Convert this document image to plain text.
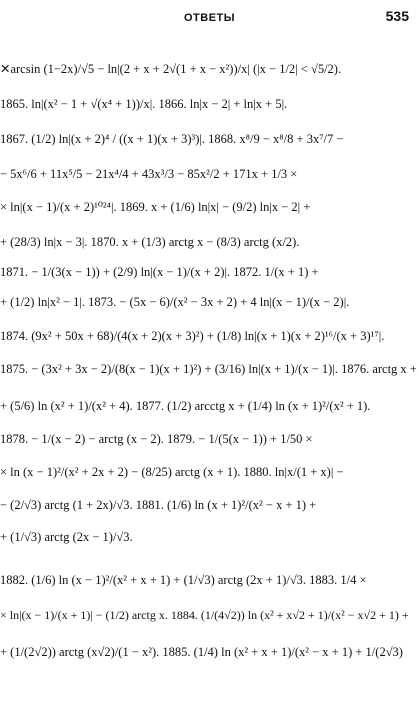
ОТВЕТЫ	535

✕arcsin (1−2x)/√5 − ln|(2 + x + 2√(1 + x − x²))/x| (|x − 1/2| < √5/2).

1865. ln|(x² − 1 + √(x⁴ + 1))/x|. 1866. ln|x − 2| + ln|x + 5|.

1867. (1/2) ln|(x + 2)⁴ / ((x + 1)(x + 3)³)|. 1868. x⁸/9 − x⁸/8 + 3x⁷/7 −

− 5x⁶/6 + 11x⁵/5 − 21x⁴/4 + 43x³/3 − 85x²/2 + 171x + 1/3 ×

× ln|(x − 1)/(x + 2)¹⁰²⁴|. 1869. x + (1/6) ln|x| − (9/2) ln|x − 2| +

+ (28/3) ln|x − 3|. 1870. x + (1/3) arctg x − (8/3) arctg (x/2).

1871. − 1/(3(x − 1)) + (2/9) ln|(x − 1)/(x + 2)|. 1872. 1/(x + 1) +

+ (1/2) ln|x² − 1|. 1873. − (5x − 6)/(x² − 3x + 2) + 4 ln|(x − 1)/(x − 2)|.

1874. (9x² + 50x + 68)/(4(x + 2)(x + 3)²) + (1/8) ln|(x + 1)(x + 2)¹⁶/(x + 3)¹⁷|.

1875. − (3x² + 3x − 2)/(8(x − 1)(x + 1)²) + (3/16) ln|(x + 1)/(x − 1)|. 1876. arctg x +

+ (5/6) ln (x² + 1)/(x² + 4). 1877. (1/2) arcctg x + (1/4) ln (x + 1)²/(x² + 1).

1878. − 1/(x − 2) − arctg (x − 2). 1879. − 1/(5(x − 1)) + 1/50 ×

× ln (x − 1)²/(x² + 2x + 2) − (8/25) arctg (x + 1). 1880. ln|x/(1 + x)| −

− (2/√3) arctg (1 + 2x)/√3. 1881. (1/6) ln (x + 1)²/(x² − x + 1) +

+ (1/√3) arctg (2x − 1)/√3.

1882. (1/6) ln (x − 1)²/(x² + x + 1) + (1/√3) arctg (2x + 1)/√3. 1883. 1/4 ×

× ln|(x − 1)/(x + 1)| − (1/2) arctg x. 1884. (1/(4√2)) ln (x² + x√2 + 1)/(x² − x√2 + 1) +

+ (1/(2√2)) arctg (x√2)/(1 − x²). 1885. (1/4) ln (x² + x + 1)/(x² − x + 1) + 1/(2√3)
